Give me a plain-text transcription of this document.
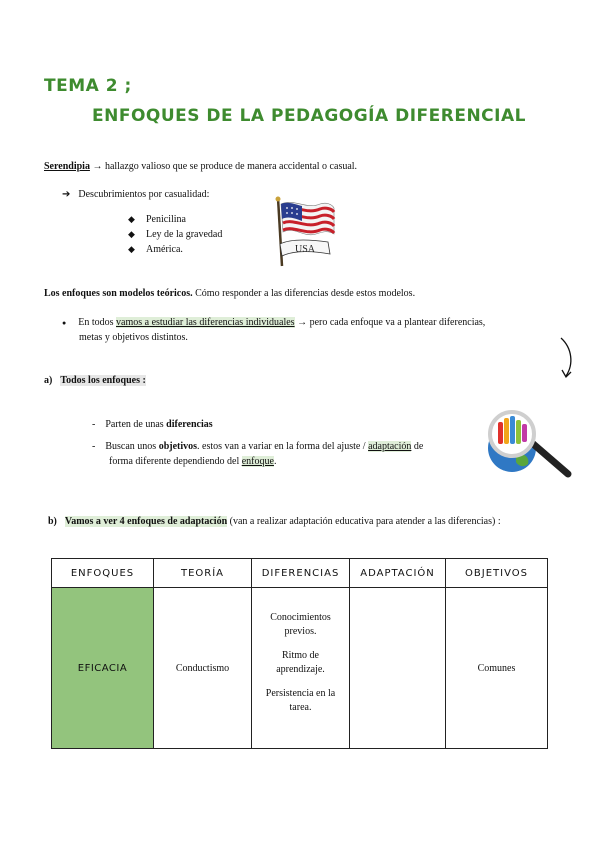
TEMA 2 ;
ENFOQUES DE LA PEDAGOGÍA DIFERENCIAL
Serendipia → hallazgo valioso que se produce de manera accidental o casual.
➔ Descubrimientos por casualidad:
◆ Penicilina
◆ Ley de la gravedad
◆ América.	USA
Los enfoques son modelos teóricos. Cómo responder a las diferencias desde estos modelos.
● En todos vamos a estudiar las diferencias individuales → pero cada enfoque va a plantear diferencias,
metas y objetivos distintos.
a) Todos los enfoques :
- Parten de unas diferencias
- Buscan unos objetivos. estos van a variar en la forma del ajuste / adaptación de
forma diferente dependiendo del enfoque.
b) Vamos a ver 4 enfoques de adaptación (van a realizar adaptación educativa para atender a las diferencias) :
ENFOQUES	TEORÍA	DIFERENCIAS	ADAPTACIÓN	OBJETIVOS
EFICACIA	Conductismo	Conocimientos previos.

Ritmo de aprendizaje.

Persistencia en la tarea.		Comunes
